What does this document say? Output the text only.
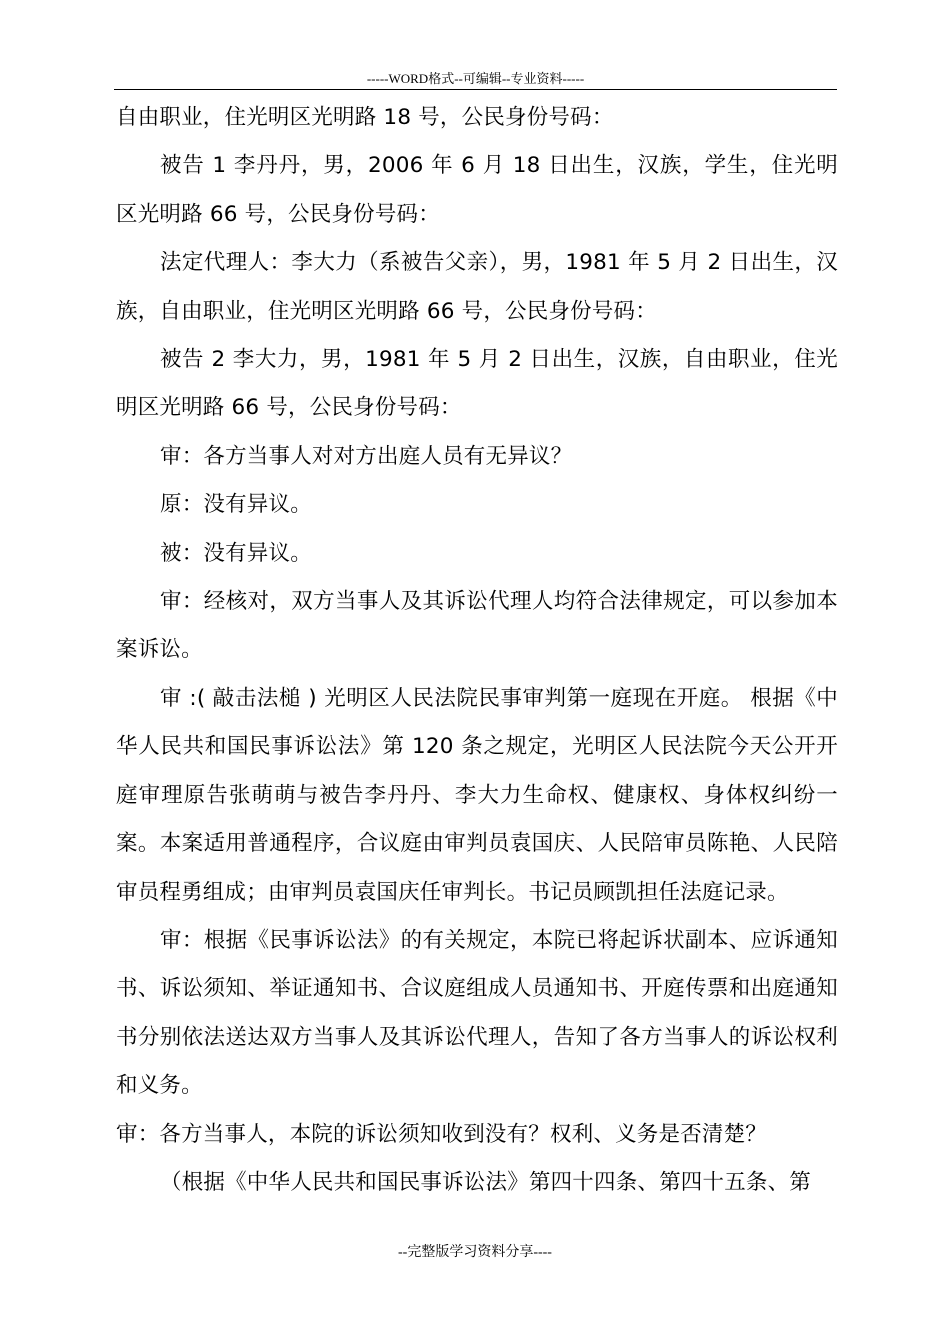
-----WORD格式--可编辑--专业资料-----

自由职业，住光明区光明路 18 号，公民身份号码：

被告 1 李丹丹，男，2006 年 6 月 18 日出生，汉族，学生，住光明区光明路 66 号，公民身份号码：

法定代理人：李大力（系被告父亲），男，1981 年 5 月 2 日出生，汉族，自由职业，住光明区光明路 66 号，公民身份号码：

被告 2 李大力，男，1981 年 5 月 2 日出生，汉族，自由职业，住光明区光明路 66 号，公民身份号码：

审：各方当事人对对方出庭人员有无异议？

原：没有异议。

被：没有异议。

审：经核对，双方当事人及其诉讼代理人均符合法律规定，可以参加本案诉讼。

审 :( 敲击法槌 ) 光明区人民法院民事审判第一庭现在开庭。 根据《中华人民共和国民事诉讼法》第 120 条之规定，光明区人民法院今天公开开庭审理原告张萌萌与被告李丹丹、李大力生命权、健康权、身体权纠纷一案。本案适用普通程序，合议庭由审判员袁国庆、人民陪审员陈艳、人民陪审员程勇组成；由审判员袁国庆任审判长。书记员顾凯担任法庭记录。

审：根据《民事诉讼法》的有关规定，本院已将起诉状副本、应诉通知书、诉讼须知、举证通知书、合议庭组成人员通知书、开庭传票和出庭通知书分别依法送达双方当事人及其诉讼代理人，告知了各方当事人的诉讼权利和义务。

审：各方当事人，本院的诉讼须知收到没有？权利、义务是否清楚？

（根据《中华人民共和国民事诉讼法》第四十四条、第四十五条、第

--完整版学习资料分享----
